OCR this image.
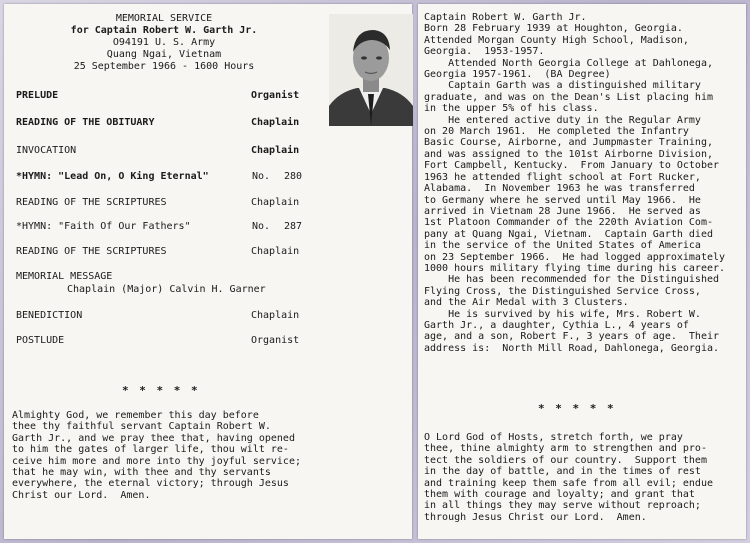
MEMORIAL SERVICE
for Captain Robert W. Garth Jr.
O94191 U. S. Army
Quang Ngai, Vietnam
25 September 1966 - 1600 Hours
PRELUDE	Organist
READING OF THE OBITUARY	Chaplain
INVOCATION	Chaplain
*HYMN: "Lead On, O King Eternal"	No. 280
READING OF THE SCRIPTURES	Chaplain
*HYMN: "Faith Of Our Fathers"	No. 287
READING OF THE SCRIPTURES	Chaplain
MEMORIAL MESSAGE
Chaplain (Major) Calvin H. Garner
BENEDICTION	Chaplain
POSTLUDE	Organist
* * * * *
Almighty God, we remember this day before
thee thy faithful servant Captain Robert W.
Garth Jr., and we pray thee that, having opened
to him the gates of larger life, thou wilt re-
ceive him more and more into thy joyful service;
that he may win, with thee and thy servants
everywhere, the eternal victory; through Jesus
Christ our Lord.  Amen.
Captain Robert W. Garth Jr.
Born 28 February 1939 at Houghton, Georgia.
Attended Morgan County High School, Madison,
Georgia.  1953-1957.
Attended North Georgia College at Dahlonega,
Georgia 1957-1961.  (BA Degree)
Captain Garth was a distinguished military
graduate, and was on the Dean's List placing him
in the upper 5% of his class.
He entered active duty in the Regular Army
on 20 March 1961.  He completed the Infantry
Basic Course, Airborne, and Jumpmaster Training,
and was assigned to the 101st Airborne Division,
Fort Campbell, Kentucky.  From January to October
1963 he attended flight school at Fort Rucker,
Alabama.  In November 1963 he was transferred
to Germany where he served until May 1966.  He
arrived in Vietnam 28 June 1966.  He served as
1st Platoon Commander of the 220th Aviation Com-
pany at Quang Ngai, Vietnam.  Captain Garth died
in the service of the United States of America
on 23 September 1966.  He had logged approximately
1000 hours military flying time during his career.
He has been recommended for the Distinguished
Flying Cross, the Distinguished Service Cross,
and the Air Medal with 3 Clusters.
He is survived by his wife, Mrs. Robert W.
Garth Jr., a daughter, Cythia L., 4 years of
age, and a son, Robert F., 3 years of age.  Their
address is:  North Mill Road, Dahlonega, Georgia.
* * * * *
O Lord God of Hosts, stretch forth, we pray
thee, thine almighty arm to strengthen and pro-
tect the soldiers of our country.  Support them
in the day of battle, and in the times of rest
and training keep them safe from all evil; endue
them with courage and loyalty; and grant that
in all things they may serve without reproach;
through Jesus Christ our Lord.  Amen.
